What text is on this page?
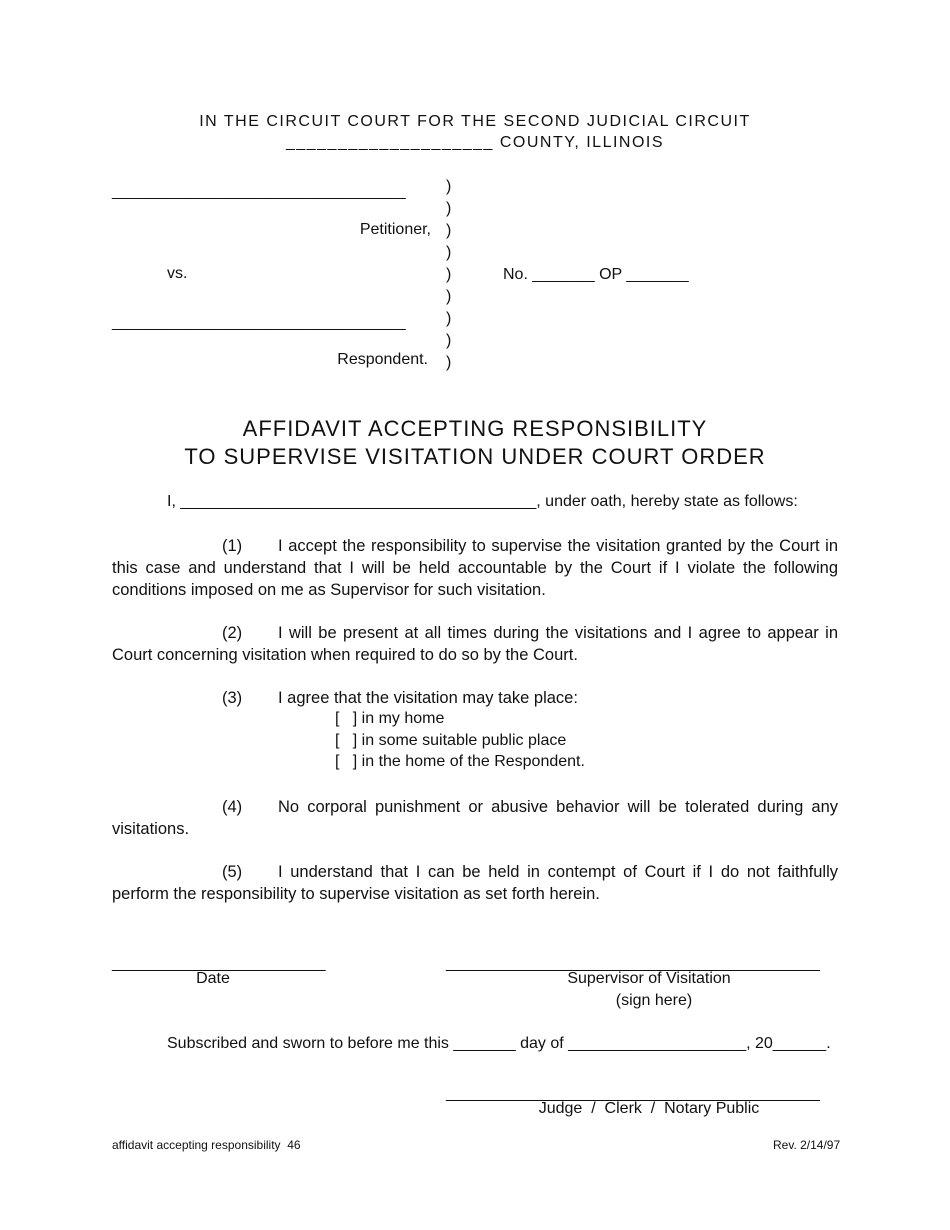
IN THE CIRCUIT COURT FOR THE SECOND JUDICIAL CIRCUIT
____________________ COUNTY, ILLINOIS
_________________________________
Petitioner,
vs.
_________________________________
Respondent.
)
)
)
)
)
)
)
)
)
No. _______ OP _______
AFFIDAVIT ACCEPTING RESPONSIBILITY
TO SUPERVISE VISITATION UNDER COURT ORDER
I, ________________________________________, under oath, hereby state as follows:
(1) I accept the responsibility to supervise the visitation granted by the Court in this case and understand that I will be held accountable by the Court if I violate the following conditions imposed on me as Supervisor for such visitation.
(2) I will be present at all times during the visitations and I agree to appear in Court concerning visitation when required to do so by the Court.
(3) I agree that the visitation may take place:
[   ] in my home
[   ] in some suitable public place
[   ] in the home of the Respondent.
(4) No corporal punishment or abusive behavior will be tolerated during any visitations.
(5) I understand that I can be held in contempt of Court if I do not faithfully perform the responsibility to supervise visitation as set forth herein.
________________________
Date
__________________________________________
Supervisor of Visitation
(sign here)
Subscribed and sworn to before me this _______ day of ____________________, 20______.
__________________________________________
Judge  /  Clerk  /  Notary Public
affidavit accepting responsibility  46	Rev. 2/14/97
